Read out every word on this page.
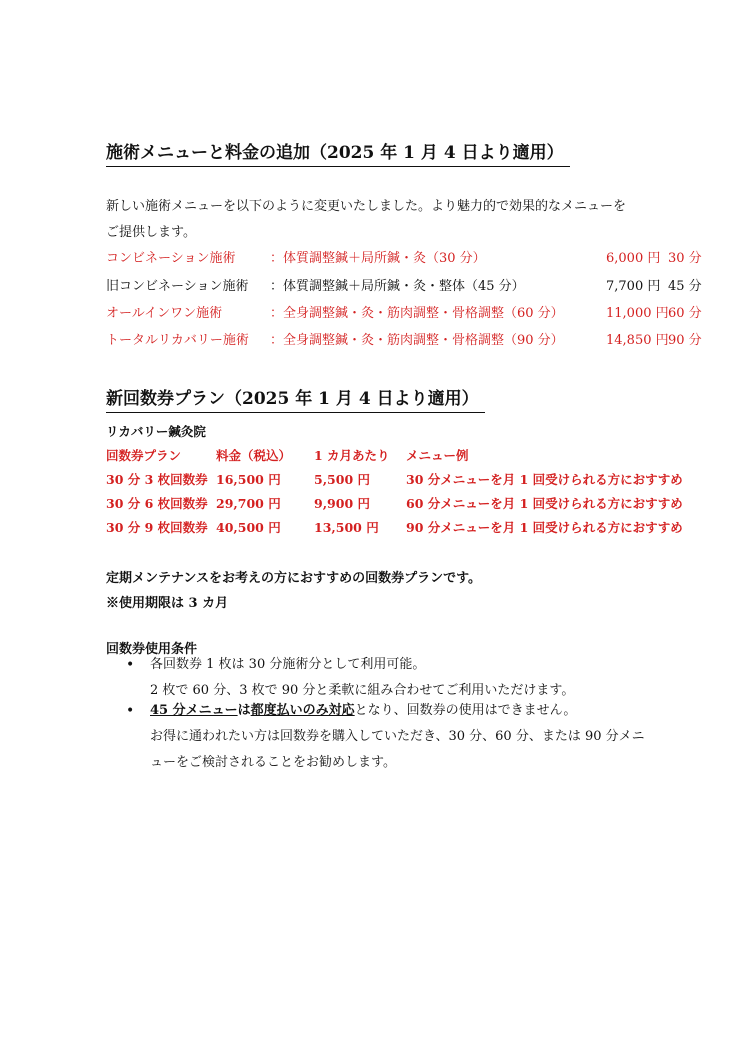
施術メニューと料金の追加（2025 年 1 月 4 日より適用）
新しい施術メニューを以下のように変更いたしました。より魅力的で効果的なメニューを
ご提供します。
コンビネーション施術	：体質調整鍼＋局所鍼・灸（30 分）	6,000 円 30 分
旧コンビネーション施術 ：体質調整鍼＋局所鍼・灸・整体（45 分）	7,700 円 45 分
オールインワン施術	：全身調整鍼・灸・筋肉調整・骨格調整（60 分）	11,000 円 60 分
トータルリカバリー施術 ：全身調整鍼・灸・筋肉調整・骨格調整（90 分）	14,850 円 90 分
新回数券プラン（2025 年 1 月 4 日より適用）
リカバリー鍼灸院
回数券プラン	料金（税込） 1 カ月あたり メニュー例
30 分 3 枚回数券 16,500 円	5,500 円	30 分メニューを月 1 回受けられる方におすすめ
30 分 6 枚回数券 29,700 円	9,900 円	60 分メニューを月 1 回受けられる方におすすめ
30 分 9 枚回数券 40,500 円	13,500 円 90 分メニューを月 1 回受けられる方におすすめ
定期メンテナンスをお考えの方におすすめの回数券プランです。
※使用期限は 3 カ月
回数券使用条件
•	各回数券 1 枚は 30 分施術分として利用可能。
2 枚で 60 分、3 枚で 90 分と柔軟に組み合わせてご利用いただけます。
•	45 分メニューは都度払いのみ対応となり、回数券の使用はできません。
お得に通われたい方は回数券を購入していただき、30 分、60 分、または 90 分メニ
ューをご検討されることをお勧めします。
